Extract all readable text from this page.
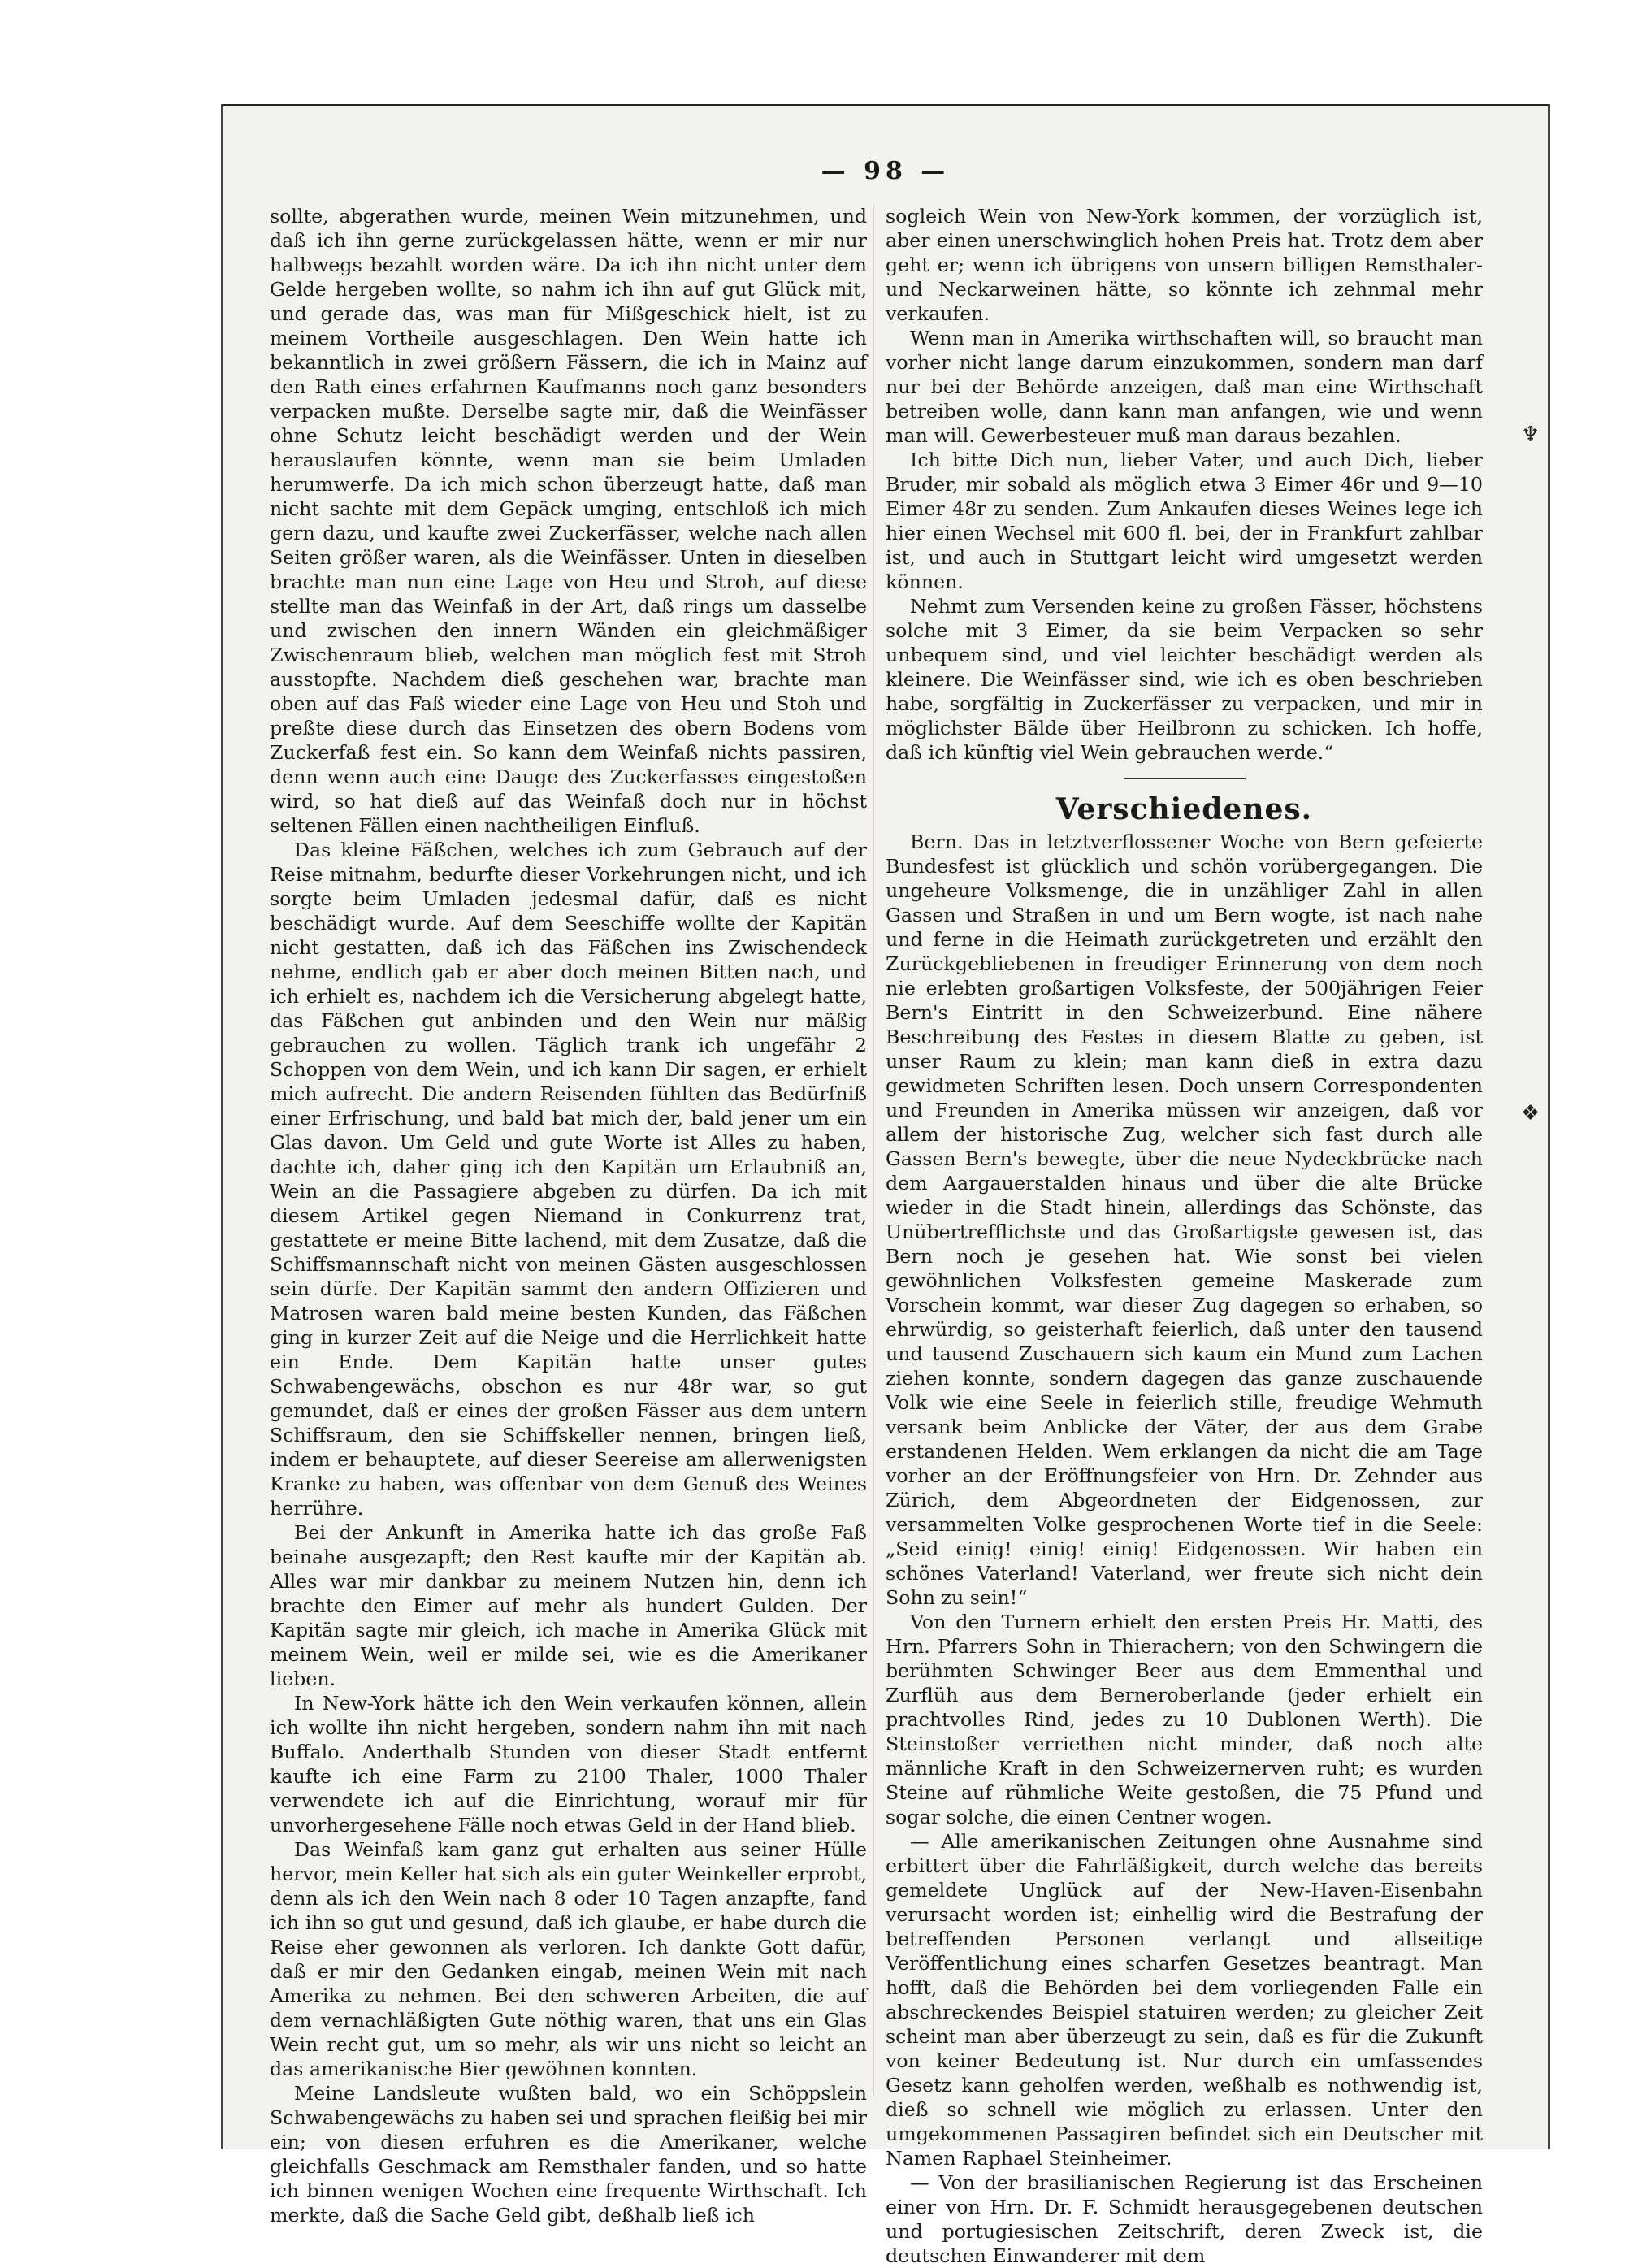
— 98 —

sollte, abgerathen wurde, meinen Wein mitzunehmen, und daß ich ihn gerne zurückgelassen hätte, wenn er mir nur halbwegs bezahlt worden wäre. Da ich ihn nicht unter dem Gelde hergeben wollte, so nahm ich ihn auf gut Glück mit, und gerade das, was man für Mißgeschick hielt, ist zu meinem Vortheile ausgeschlagen. Den Wein hatte ich bekanntlich in zwei größern Fässern, die ich in Mainz auf den Rath eines erfahrnen Kaufmanns noch ganz besonders verpacken mußte. Derselbe sagte mir, daß die Weinfässer ohne Schutz leicht beschädigt werden und der Wein herauslaufen könnte, wenn man sie beim Umladen herumwerfe. Da ich mich schon überzeugt hatte, daß man nicht sachte mit dem Gepäck umging, entschloß ich mich gern dazu, und kaufte zwei Zuckerfässer, welche nach allen Seiten größer waren, als die Weinfässer. Unten in dieselben brachte man nun eine Lage von Heu und Stroh, auf diese stellte man das Weinfaß in der Art, daß rings um dasselbe und zwischen den innern Wänden ein gleichmäßiger Zwischenraum blieb, welchen man möglich fest mit Stroh ausstopfte. Nachdem dieß geschehen war, brachte man oben auf das Faß wieder eine Lage von Heu und Stoh und preßte diese durch das Einsetzen des obern Bodens vom Zuckerfaß fest ein. So kann dem Weinfaß nichts passiren, denn wenn auch eine Dauge des Zuckerfasses eingestoßen wird, so hat dieß auf das Weinfaß doch nur in höchst seltenen Fällen einen nachtheiligen Einfluß.

Das kleine Fäßchen, welches ich zum Gebrauch auf der Reise mitnahm, bedurfte dieser Vorkehrungen nicht, und ich sorgte beim Umladen jedesmal dafür, daß es nicht beschädigt wurde. Auf dem Seeschiffe wollte der Kapitän nicht gestatten, daß ich das Fäßchen ins Zwischendeck nehme, endlich gab er aber doch meinen Bitten nach, und ich erhielt es, nachdem ich die Versicherung abgelegt hatte, das Fäßchen gut anbinden und den Wein nur mäßig gebrauchen zu wollen. Täglich trank ich ungefähr 2 Schoppen von dem Wein, und ich kann Dir sagen, er erhielt mich aufrecht. Die andern Reisenden fühlten das Bedürfniß einer Erfrischung, und bald bat mich der, bald jener um ein Glas davon. Um Geld und gute Worte ist Alles zu haben, dachte ich, daher ging ich den Kapitän um Erlaubniß an, Wein an die Passagiere abgeben zu dürfen. Da ich mit diesem Artikel gegen Niemand in Conkurrenz trat, gestattete er meine Bitte lachend, mit dem Zusatze, daß die Schiffsmannschaft nicht von meinen Gästen ausgeschlossen sein dürfe. Der Kapitän sammt den andern Offizieren und Matrosen waren bald meine besten Kunden, das Fäßchen ging in kurzer Zeit auf die Neige und die Herrlichkeit hatte ein Ende. Dem Kapitän hatte unser gutes Schwabengewächs, obschon es nur 48r war, so gut gemundet, daß er eines der großen Fässer aus dem untern Schiffsraum, den sie Schiffskeller nennen, bringen ließ, indem er behauptete, auf dieser Seereise am allerwenigsten Kranke zu haben, was offenbar von dem Genuß des Weines herrühre.

Bei der Ankunft in Amerika hatte ich das große Faß beinahe ausgezapft; den Rest kaufte mir der Kapitän ab. Alles war mir dankbar zu meinem Nutzen hin, denn ich brachte den Eimer auf mehr als hundert Gulden. Der Kapitän sagte mir gleich, ich mache in Amerika Glück mit meinem Wein, weil er milde sei, wie es die Amerikaner lieben.

In New-York hätte ich den Wein verkaufen können, allein ich wollte ihn nicht hergeben, sondern nahm ihn mit nach Buffalo. Anderthalb Stunden von dieser Stadt entfernt kaufte ich eine Farm zu 2100 Thaler, 1000 Thaler verwendete ich auf die Einrichtung, worauf mir für unvorhergesehene Fälle noch etwas Geld in der Hand blieb.

Das Weinfaß kam ganz gut erhalten aus seiner Hülle hervor, mein Keller hat sich als ein guter Weinkeller erprobt, denn als ich den Wein nach 8 oder 10 Tagen anzapfte, fand ich ihn so gut und gesund, daß ich glaube, er habe durch die Reise eher gewonnen als verloren. Ich dankte Gott dafür, daß er mir den Gedanken eingab, meinen Wein mit nach Amerika zu nehmen. Bei den schweren Arbeiten, die auf dem vernachläßigten Gute nöthig waren, that uns ein Glas Wein recht gut, um so mehr, als wir uns nicht so leicht an das amerikanische Bier gewöhnen konnten.

Meine Landsleute wußten bald, wo ein Schöppslein Schwabengewächs zu haben sei und sprachen fleißig bei mir ein; von diesen erfuhren es die Amerikaner, welche gleichfalls Geschmack am Remsthaler fanden, und so hatte ich binnen wenigen Wochen eine frequente Wirthschaft. Ich merkte, daß die Sache Geld gibt, deßhalb ließ ich

sogleich Wein von New-York kommen, der vorzüglich ist, aber einen unerschwinglich hohen Preis hat. Trotz dem aber geht er; wenn ich übrigens von unsern billigen Remsthaler- und Neckarweinen hätte, so könnte ich zehnmal mehr verkaufen.

Wenn man in Amerika wirthschaften will, so braucht man vorher nicht lange darum einzukommen, sondern man darf nur bei der Behörde anzeigen, daß man eine Wirthschaft betreiben wolle, dann kann man anfangen, wie und wenn man will. Gewerbesteuer muß man daraus bezahlen.

Ich bitte Dich nun, lieber Vater, und auch Dich, lieber Bruder, mir sobald als möglich etwa 3 Eimer 46r und 9—10 Eimer 48r zu senden. Zum Ankaufen dieses Weines lege ich hier einen Wechsel mit 600 fl. bei, der in Frankfurt zahlbar ist, und auch in Stuttgart leicht wird umgesetzt werden können.

Nehmt zum Versenden keine zu großen Fässer, höchstens solche mit 3 Eimer, da sie beim Verpacken so sehr unbequem sind, und viel leichter beschädigt werden als kleinere. Die Weinfässer sind, wie ich es oben beschrieben habe, sorgfältig in Zuckerfässer zu verpacken, und mir in möglichster Bälde über Heilbronn zu schicken. Ich hoffe, daß ich künftig viel Wein gebrauchen werde.“

Verschiedenes.

Bern. Das in letztverflossener Woche von Bern gefeierte Bundesfest ist glücklich und schön vorübergegangen. Die ungeheure Volksmenge, die in unzähliger Zahl in allen Gassen und Straßen in und um Bern wogte, ist nach nahe und ferne in die Heimath zurückgetreten und erzählt den Zurückgebliebenen in freudiger Erinnerung von dem noch nie erlebten großartigen Volksfeste, der 500jährigen Feier Bern's Eintritt in den Schweizerbund. Eine nähere Beschreibung des Festes in diesem Blatte zu geben, ist unser Raum zu klein; man kann dieß in extra dazu gewidmeten Schriften lesen. Doch unsern Correspondenten und Freunden in Amerika müssen wir anzeigen, daß vor allem der historische Zug, welcher sich fast durch alle Gassen Bern's bewegte, über die neue Nydeckbrücke nach dem Aargauerstalden hinaus und über die alte Brücke wieder in die Stadt hinein, allerdings das Schönste, das Unübertrefflichste und das Großartigste gewesen ist, das Bern noch je gesehen hat. Wie sonst bei vielen gewöhnlichen Volksfesten gemeine Maskerade zum Vorschein kommt, war dieser Zug dagegen so erhaben, so ehrwürdig, so geisterhaft feierlich, daß unter den tausend und tausend Zuschauern sich kaum ein Mund zum Lachen ziehen konnte, sondern dagegen das ganze zuschauende Volk wie eine Seele in feierlich stille, freudige Wehmuth versank beim Anblicke der Väter, der aus dem Grabe erstandenen Helden. Wem erklangen da nicht die am Tage vorher an der Eröffnungsfeier von Hrn. Dr. Zehnder aus Zürich, dem Abgeordneten der Eidgenossen, zur versammelten Volke gesprochenen Worte tief in die Seele: „Seid einig! einig! einig! Eidgenossen. Wir haben ein schönes Vaterland! Vaterland, wer freute sich nicht dein Sohn zu sein!“

Von den Turnern erhielt den ersten Preis Hr. Matti, des Hrn. Pfarrers Sohn in Thierachern; von den Schwingern die berühmten Schwinger Beer aus dem Emmenthal und Zurflüh aus dem Berneroberlande (jeder erhielt ein prachtvolles Rind, jedes zu 10 Dublonen Werth). Die Steinstoßer verriethen nicht minder, daß noch alte männliche Kraft in den Schweizernerven ruht; es wurden Steine auf rühmliche Weite gestoßen, die 75 Pfund und sogar solche, die einen Centner wogen.

— Alle amerikanischen Zeitungen ohne Ausnahme sind erbittert über die Fahrläßigkeit, durch welche das bereits gemeldete Unglück auf der New-Haven-Eisenbahn verursacht worden ist; einhellig wird die Bestrafung der betreffenden Personen verlangt und allseitige Veröffentlichung eines scharfen Gesetzes beantragt. Man hofft, daß die Behörden bei dem vorliegenden Falle ein abschreckendes Beispiel statuiren werden; zu gleicher Zeit scheint man aber überzeugt zu sein, daß es für die Zukunft von keiner Bedeutung ist. Nur durch ein umfassendes Gesetz kann geholfen werden, weßhalb es nothwendig ist, dieß so schnell wie möglich zu erlassen. Unter den umgekommenen Passagiren befindet sich ein Deutscher mit Namen Raphael Steinheimer.

— Von der brasilianischen Regierung ist das Erscheinen einer von Hrn. Dr. F. Schmidt herausgegebenen deutschen und portugiesischen Zeitschrift, deren Zweck ist, die deutschen Einwanderer mit dem

♆
❖
